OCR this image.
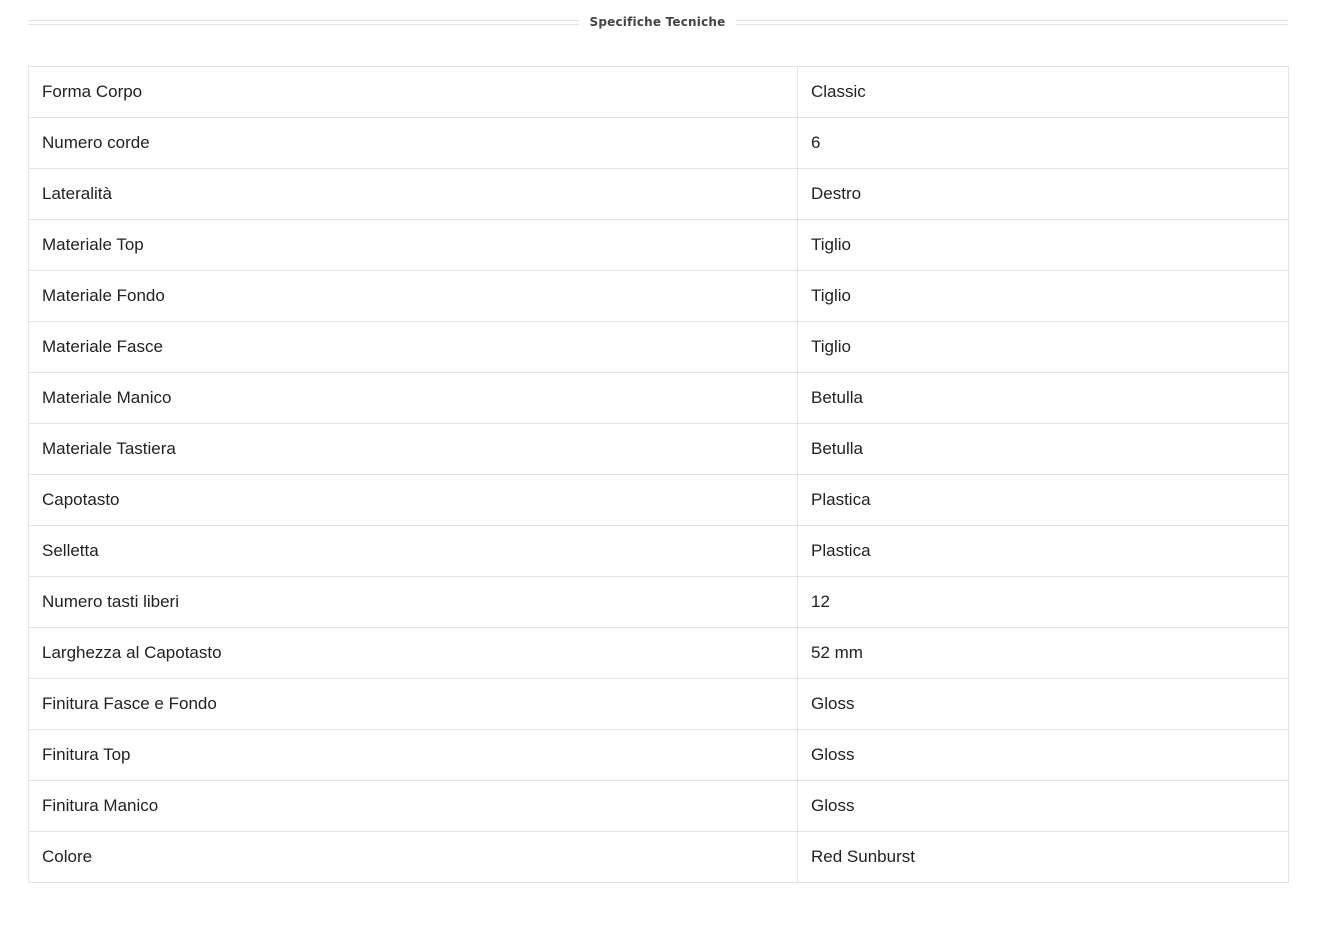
Specifiche Tecniche
Forma Corpo	Classic
Numero corde	6
Lateralità	Destro
Materiale Top	Tiglio
Materiale Fondo	Tiglio
Materiale Fasce	Tiglio
Materiale Manico	Betulla
Materiale Tastiera	Betulla
Capotasto	Plastica
Selletta	Plastica
Numero tasti liberi	12
Larghezza al Capotasto	52 mm
Finitura Fasce e Fondo	Gloss
Finitura Top	Gloss
Finitura Manico	Gloss
Colore	Red Sunburst
